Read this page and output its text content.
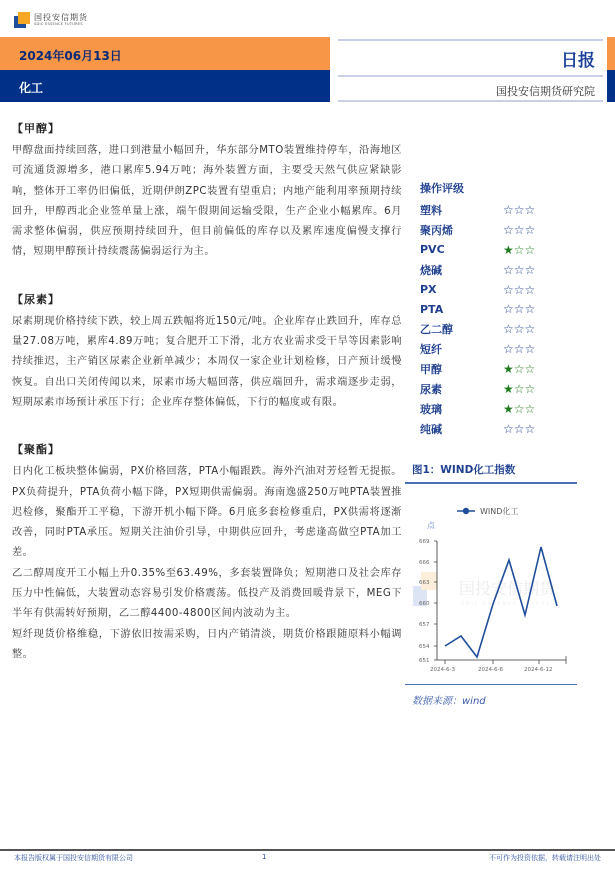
国投安信期货
SDIC ESSENCE FUTURES
2024年06月13日
化工
日报
国投安信期货研究院
【甲醇】

甲醇盘面持续回落，进口到港量小幅回升，华东部分MTO装置维持停车，沿海地区可流通货源增多，港口累库5.94万吨；海外装置方面，主要受天然气供应紧缺影响，整体开工率仍旧偏低，近期伊朗ZPC装置有望重启；内地产能利用率预期持续回升，甲醇西北企业签单量上涨，端午假期间运输受限，生产企业小幅累库。6月需求整体偏弱，供应预期持续回升，但目前偏低的库存以及累库速度偏慢支撑行情，短期甲醇预计持续震荡偏弱运行为主。

【尿素】

尿素期现价格持续下跌，较上周五跌幅将近150元/吨。企业库存止跌回升，库存总量27.08万吨，累库4.89万吨；复合肥开工下滑，北方农业需求受干旱等因素影响持续推迟，主产销区尿素企业新单减少；本周仅一家企业计划检修，日产预计缓慢恢复。自出口关闭传闻以来，尿素市场大幅回落，供应端回升，需求端逐步走弱，短期尿素市场预计承压下行；企业库存整体偏低，下行的幅度或有限。

【聚酯】

日内化工板块整体偏弱，PX价格回落，PTA小幅跟跌。海外汽油对芳烃暂无提振。PX负荷提升，PTA负荷小幅下降，PX短期供需偏弱。海南逸盛250万吨PTA装置推迟检修，聚酯开工平稳，下游开机小幅下降。6月底多套检修重启，PX供需将逐渐改善，同时PTA承压。短期关注油价引导，中期供应回升，考虑逢高做空PTA加工差。

乙二醇周度开工小幅上升0.35%至63.49%，多套装置降负；短期港口及社会库存压力中性偏低，大装置动态容易引发价格震荡。低投产及消费回暖背景下，MEG下半年有供需转好预期，乙二醇4400-4800区间内波动为主。

短纤现货价格维稳，下游依旧按需采购，日内产销清淡，期货价格跟随原料小幅调整。

操作评级
塑料	☆☆☆
聚丙烯	☆☆☆
PVC	★☆☆
烧碱	☆☆☆
PX	☆☆☆
PTA	☆☆☆
乙二醇	☆☆☆
短纤	☆☆☆
甲醇	★☆☆
尿素	★☆☆
玻璃	★☆☆
纯碱	☆☆☆
图1：WIND化工指数
国投安信期货
SDIC ESSENCE FUTURES
WIND化工
点
669
666
663
660
657
654
651
2024-6-3	2024-6-6	2024-6-12
数据来源：wind
本报告版权属于国投安信期货有限公司	1	不可作为投资依据，转载请注明出处
